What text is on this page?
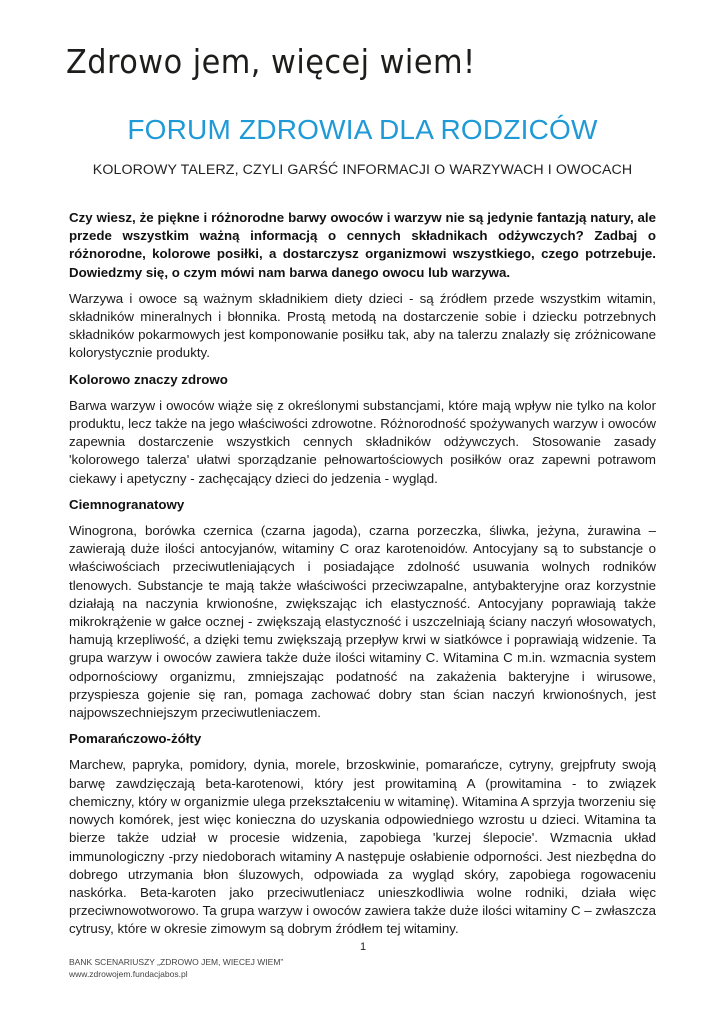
Zdrowo jem, więcej wiem!
FORUM ZDROWIA DLA RODZICÓW
KOLOROWY TALERZ, CZYLI GARŚĆ INFORMACJI O WARZYWACH I OWOCACH

Czy wiesz, że piękne i różnorodne barwy owoców i warzyw nie są jedynie fantazją natury, ale przede wszystkim ważną informacją o cennych składnikach odżywczych? Zadbaj o różnorodne, kolorowe posiłki, a dostarczysz organizmowi wszystkiego, czego potrzebuje. Dowiedzmy się, o czym mówi nam barwa danego owocu lub warzywa.

Warzywa i owoce są ważnym składnikiem diety dzieci - są źródłem przede wszystkim witamin, składników mineralnych i błonnika. Prostą metodą na dostarczenie sobie i dziecku potrzebnych składników pokarmowych jest komponowanie posiłku tak, aby na talerzu znalazły się zróżnicowane kolorystycznie produkty.

Kolorowo znaczy zdrowo

Barwa warzyw i owoców wiąże się z określonymi substancjami, które mają wpływ nie tylko na kolor produktu, lecz także na jego właściwości zdrowotne. Różnorodność spożywanych warzyw i owoców zapewnia dostarczenie wszystkich cennych składników odżywczych. Stosowanie zasady 'kolorowego talerza' ułatwi sporządzanie pełnowartościowych posiłków oraz zapewni potrawom ciekawy i apetyczny - zachęcający dzieci do jedzenia - wygląd.

Ciemnogranatowy

Winogrona, borówka czernica (czarna jagoda), czarna porzeczka, śliwka, jeżyna, żurawina – zawierają duże ilości antocyjanów, witaminy C oraz karotenoidów. Antocyjany są to substancje o właściwościach przeciwutleniających i posiadające zdolność usuwania wolnych rodników tlenowych. Substancje te mają także właściwości przeciwzapalne, antybakteryjne oraz korzystnie działają na naczynia krwionośne, zwiększając ich elastyczność. Antocyjany poprawiają także mikrokrążenie w gałce ocznej - zwiększają elastyczność i uszczelniają ściany naczyń włosowatych, hamują krzepliwość, a dzięki temu zwiększają przepływ krwi w siatkówce i poprawiają widzenie. Ta grupa warzyw i owoców zawiera także duże ilości witaminy C. Witamina C m.in. wzmacnia system odpornościowy organizmu, zmniejszając podatność na zakażenia bakteryjne i wirusowe, przyspiesza gojenie się ran, pomaga zachować dobry stan ścian naczyń krwionośnych, jest najpowszechniejszym przeciwutleniaczem.

Pomarańczowo-żółty

Marchew, papryka, pomidory, dynia, morele, brzoskwinie, pomarańcze, cytryny, grejpfruty swoją barwę zawdzięczają beta-karotenowi, który jest prowitaminą A (prowitamina - to związek chemiczny, który w organizmie ulega przekształceniu w witaminę). Witamina A sprzyja tworzeniu się nowych komórek, jest więc konieczna do uzyskania odpowiedniego wzrostu u dzieci. Witamina ta bierze także udział w procesie widzenia, zapobiega 'kurzej ślepocie'. Wzmacnia układ immunologiczny -przy niedoborach witaminy A następuje osłabienie odporności. Jest niezbędna do dobrego utrzymania błon śluzowych, odpowiada za wygląd skóry, zapobiega rogowaceniu naskórka. Beta-karoten jako przeciwutleniacz unieszkodliwia wolne rodniki, działa więc przeciwnowotworowo. Ta grupa warzyw i owoców zawiera także duże ilości witaminy C – zwłaszcza cytrusy, które w okresie zimowym są dobrym źródłem tej witaminy.

1
BANK SCENARIUSZY „ZDROWO JEM, WIECEJ WIEM”
www.zdrowojem.fundacjabos.pl
